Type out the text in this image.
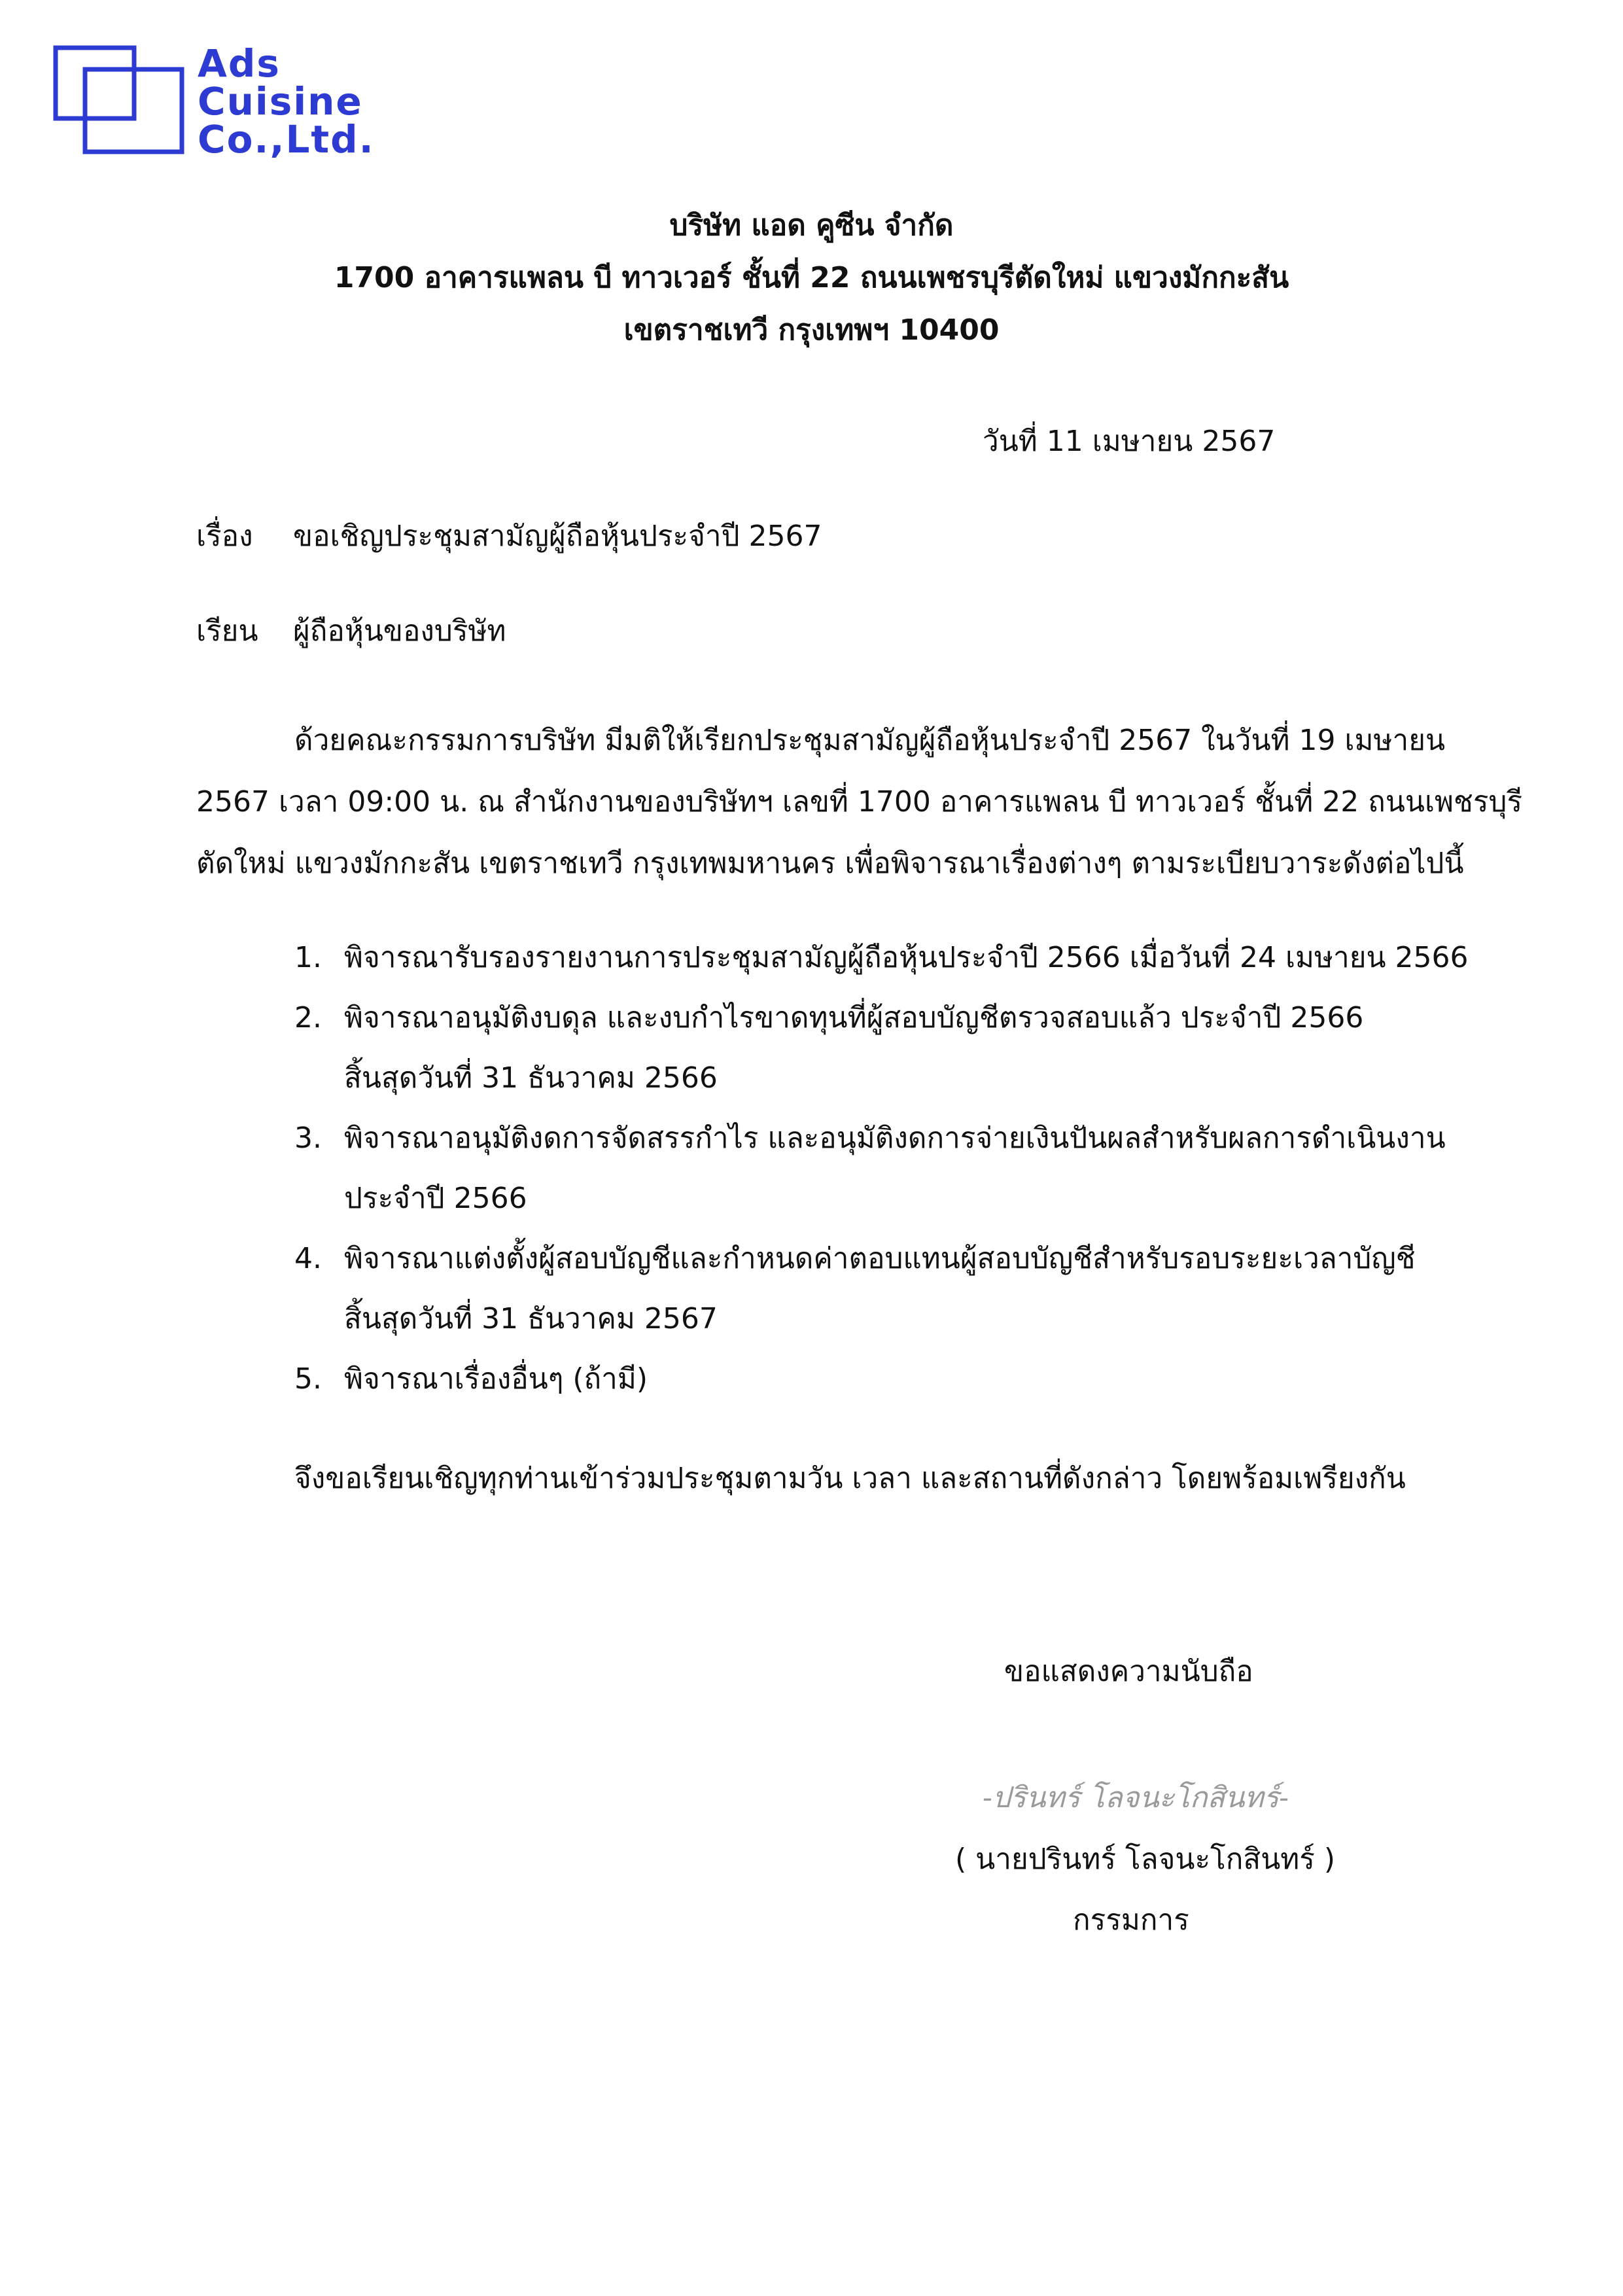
Ads
Cuisine
Co.,Ltd.
บริษัท แอด คูซีน จำกัด
1700 อาคารแพลน บี ทาวเวอร์ ชั้นที่ 22 ถนนเพชรบุรีตัดใหม่ แขวงมักกะสัน
เขตราชเทวี กรุงเทพฯ 10400
วันที่ 11 เมษายน 2567
เรื่อง ขอเชิญประชุมสามัญผู้ถือหุ้นประจำปี 2567
เรียน ผู้ถือหุ้นของบริษัท
ด้วยคณะกรรมการบริษัท มีมติให้เรียกประชุมสามัญผู้ถือหุ้นประจำปี 2567 ในวันที่ 19 เมษายน
2567 เวลา 09:00 น. ณ สำนักงานของบริษัทฯ เลขที่ 1700 อาคารแพลน บี ทาวเวอร์ ชั้นที่ 22 ถนนเพชรบุรี
ตัดใหม่ แขวงมักกะสัน เขตราชเทวี กรุงเทพมหานคร เพื่อพิจารณาเรื่องต่างๆ ตามระเบียบวาระดังต่อไปนี้
1. พิจารณารับรองรายงานการประชุมสามัญผู้ถือหุ้นประจำปี 2566 เมื่อวันที่ 24 เมษายน 2566
2. พิจารณาอนุมัติงบดุล และงบกำไรขาดทุนที่ผู้สอบบัญชีตรวจสอบแล้ว ประจำปี 2566
สิ้นสุดวันที่ 31 ธันวาคม 2566
3. พิจารณาอนุมัติงดการจัดสรรกำไร และอนุมัติงดการจ่ายเงินปันผลสำหรับผลการดำเนินงาน
ประจำปี 2566
4. พิจารณาแต่งตั้งผู้สอบบัญชีและกำหนดค่าตอบแทนผู้สอบบัญชีสำหรับรอบระยะเวลาบัญชี
สิ้นสุดวันที่ 31 ธันวาคม 2567
5. พิจารณาเรื่องอื่นๆ (ถ้ามี)
จึงขอเรียนเชิญทุกท่านเข้าร่วมประชุมตามวัน เวลา และสถานที่ดังกล่าว โดยพร้อมเพรียงกัน
ขอแสดงความนับถือ
-ปรินทร์ โลจนะโกสินทร์-
( นายปรินทร์ โลจนะโกสินทร์ )
กรรมการ
